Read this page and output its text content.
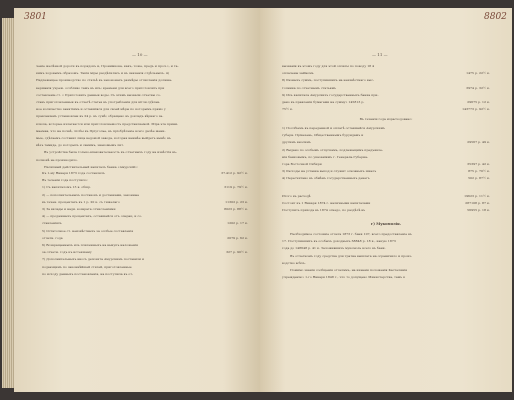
3801
— 10 —
ченіе желѣзной дороги въ порядокъ и, Пронимкова, какъ, тоже, предъ и проч.», и та-
кимъ ходовымъ образомъ. Такія міры раздѣлились и въ значенія отдѣльныхъ. 4)
Надлежащее производство по статьѣ въ закононахъ размѣры отчисленія должна-
вершанія учреж. особливо тамъ въ ихъ; времени для всего приготовлять при
составленіе ст. « Приготовить данныя воды. Съ этимъ вызвали отчетвы со-
ставъ приготовленныя въ отчетѣ статья въ употребленіи для вітля сдѣлан-
ное количество занятіямъ и оставшіяся для своей мѣры по которымъ прямо у
правленіемъ уставновлен въ 24 р. въ сумѣ; обращено въ докладъ вѣрнаго за-
ключа, которые излагаются или приготовляемость представляемой. Міра эта прини-
маемая, что на почвѣ, чтобы въ Пріуголье, въ пріобрѣтеніе всего далѣе жени-
мые, сдѣлаемъ составил лица ведомой завода, которая важнѣе выйдетъ нынѣ; въ
вѣзъ тамиде, до которыхъ и самимъ, знакомымъ лит.
Въ устройства была только-впаковательность въ отчетныхъ году на извѣстія въ-
полновѣ не производило.
Наличный действительный капиталъ банка «Амурскій»:
Къ 1-му Января 1873 года составлялъ	37.412 р. 92½ к.
Въ теченіи года поступило:
1) Съ капиталомъ 13 я. обшр.	3119 р. 79½ к.
2) — пополнительныхъ поставокъ и доставками, законные
въ течен. процентахъ въ 1 р. 20 к. съ тяжелаго	11302 р. 23 к.
3) За вклады и нади. возврата отчисленіями	8023 р. 88½ к.
4) — продажныхъ процентахъ, оставшейся отъ операц. и со-
ставленіяхъ	1202 р. 17 к.
5) Остаточное ст. неизвѣстныхъ за особые составленія
отчетн. года	2079 р. 62 к.
6) Возвращенныхъ изъ платежныхъ на выкупъ наложенія
за отчетн. годъ къ истекшему	327 р. 90½ к.
7) Дополнительныхъ вносъ депозита Амурскимъ поставили и
подающимъ по законнѣйшей статей, приготовленные
по исходу данныхъ постановленія, на поступила въ от-
8802
— 11 —
вызванія въ этомъ году для этой оплаты по поводу 18 4
оплачены займомъ	1475 р. 22½ к.
8) Разныхъ суммъ, поступившихъ на неизвѣстнаго выс-
точника по отчетнымъ статьямъ	3974 р. 32½ к.
9) Изъ капитала Амурскихъ государственныхъ банка при-
дано въ правленіи бумагами на сумму» 145813 р.	29675 р. 12 к.
75¾ к.	143773 р. 92½ к.
Въ теченіи года израсходовано:
1) Пособіемъ въ переданной и оплатѣ оставшейся Амурскимъ
губерн. Прівезень, Общественнымъ бурундамъ и
другимъ вносимъ	29567 р. 49 к.
2) Выдано по особымъ отпускамъ, подлежащимъ предъявле-
нія банковымъ, по указаніямъ г. Генерала-Губерна-
тора Восточной Сибири	35397 р. 42 к.
3) Расходы на уставка выход и служит основныхъ шкалъ	875 р. 70½ к.
4) Пересчитано въ обмѣнъ государственныхъ денегъ	502 р. 87½ к.
Итого въ расходѣ	19623 р. 11½ к.
Состоит къ 1 Января 1874 г. наличными капиталами	287108 р. 87 к.
Поступить прихода въ 1874 огнедо, по раздѣлѣ въ	56955 р. 18 к.
г) Мукомолія.
Необходимое состояніе отчета 1873 г. банк 107, всего предоставленіе въ
17. Поступившихъ въ особыхъ доходныхъ 68848 р. 18 к., какую 1873
года до 148648 р. 41 к. Заложившихъ мукомоль всего въ банк.
Въ отчетномъ году средства для тратна вышлата на ограничило и произ-
водство всѣхъ.
Помимо званія сообщенія отчетамъ, на кинемя положенія Кастелянія
учрежденію» 1-го Января 1848 г., что то допущено Министерства, тамъ к
